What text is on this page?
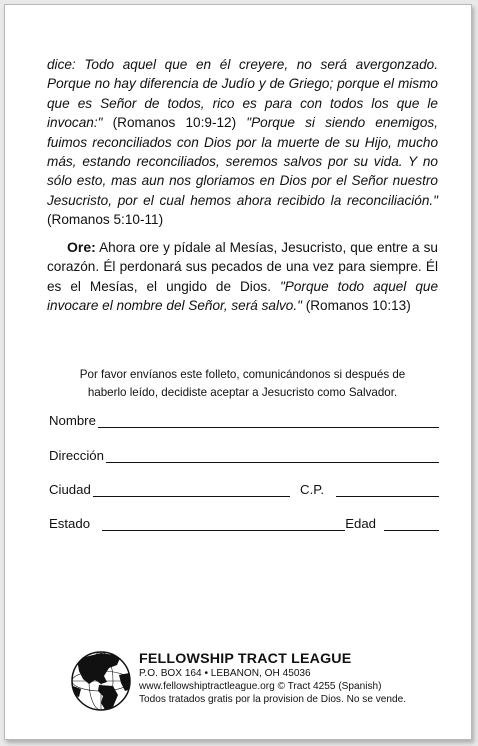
dice: Todo aquel que en él creyere, no será avergonzado. Porque no hay diferencia de Judío y de Griego; porque el mismo que es Señor de todos, rico es para con todos los que le invocan:" (Romanos 10:9-12) "Porque si siendo enemigos, fuimos reconciliados con Dios por la muerte de su Hijo, mucho más, estando reconciliados, seremos salvos por su vida. Y no sólo esto, mas aun nos gloriamos en Dios por el Señor nuestro Jesucristo, por el cual hemos ahora recibido la reconciliación." (Romanos 5:10-11)
Ore: Ahora ore y pídale al Mesías, Jesucristo, que entre a su corazón. Él perdonará sus pecados de una vez para siempre. Él es el Mesías, el ungido de Dios. "Porque todo aquel que invocare el nombre del Señor, será salvo." (Romanos 10:13)
Por favor envíanos este folleto, comunicándonos si después de
haberlo leído, decidiste aceptar a Jesucristo como Salvador.
Nombre
Dirección
Ciudad	C.P.
Estado	Edad
FELLOWSHIP TRACT LEAGUE
P.O. BOX 164 • LEBANON, OH 45036
www.fellowshiptractleague.org © Tract 4255 (Spanish)
Todos tratados gratis por la provision de Dios. No se vende.
